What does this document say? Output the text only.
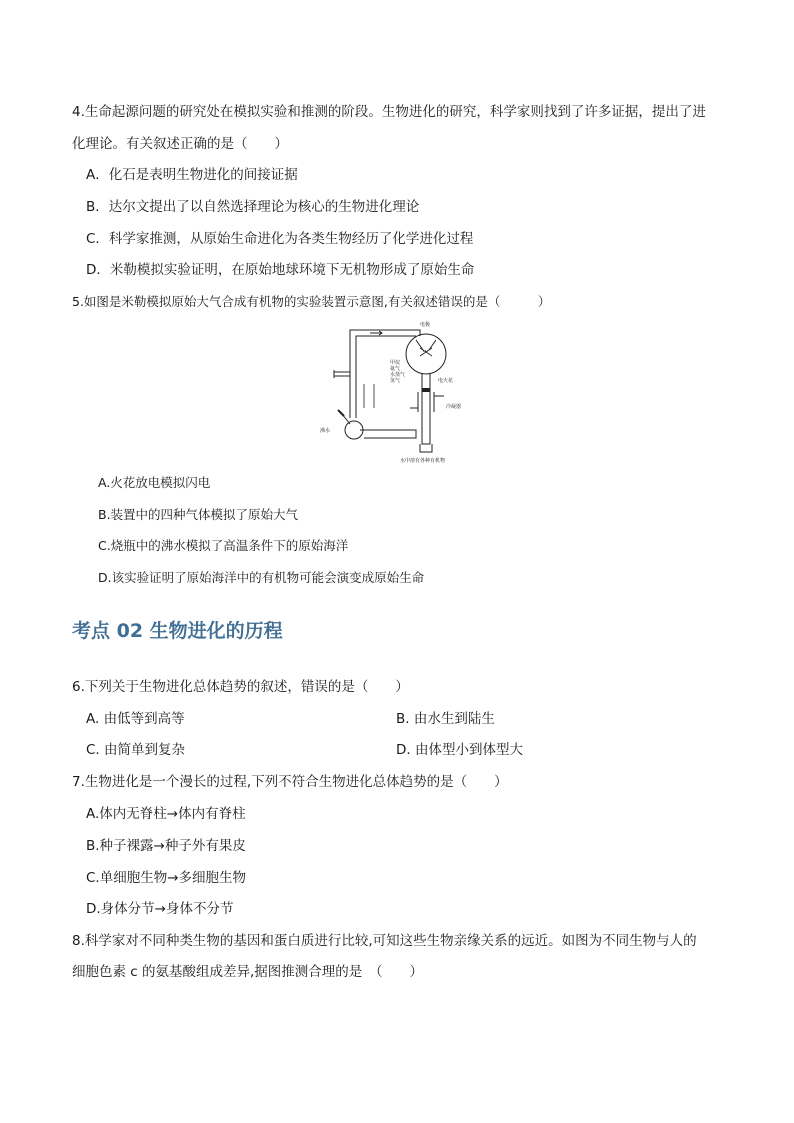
4.生命起源问题的研究处在模拟实验和推测的阶段。生物进化的研究，科学家则找到了许多证据，提出了进
化理论。有关叙述正确的是（　　）
A．化石是表明生物进化的间接证据
B．达尔文提出了以自然选择理论为核心的生物进化理论
C．科学家推测，从原始生命进化为各类生物经历了化学进化过程
D．米勒模拟实验证明，在原始地球环境下无机物形成了原始生命
5.如图是米勒模拟原始大气合成有机物的实验装置示意图,有关叙述错误的是（　　　）
电极
甲烷
氨气
水蒸气
氢气	电火花
冷凝器
沸水
水中溶有各种有机物
A.火花放电模拟闪电
B.装置中的四种气体模拟了原始大气
C.烧瓶中的沸水模拟了高温条件下的原始海洋
D.该实验证明了原始海洋中的有机物可能会演变成原始生命
考点 02 生物进化的历程
6.下列关于生物进化总体趋势的叙述，错误的是（　　）
A. 由低等到高等	B. 由水生到陆生
C. 由简单到复杂	D. 由体型小到体型大
7.生物进化是一个漫长的过程,下列不符合生物进化总体趋势的是（　　）
A.体内无脊柱→体内有脊柱
B.种子裸露→种子外有果皮
C.单细胞生物→多细胞生物
D.身体分节→身体不分节
8.科学家对不同种类生物的基因和蛋白质进行比较,可知这些生物亲缘关系的远近。如图为不同生物与人的
细胞色素 c 的氨基酸组成差异,据图推测合理的是　（　　）
